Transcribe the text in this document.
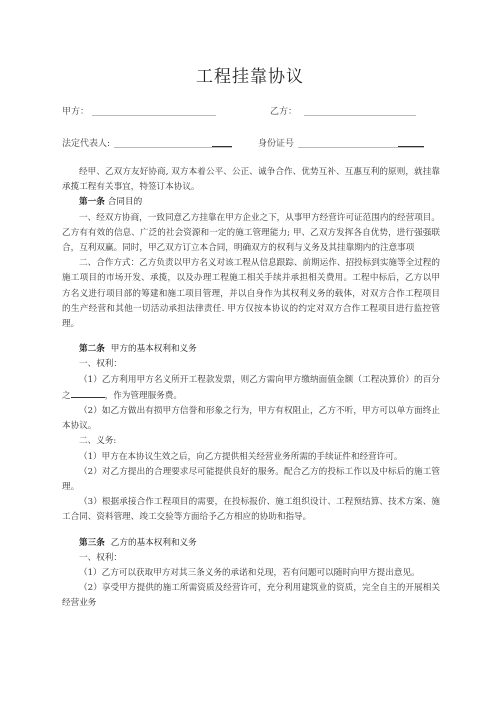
工程挂靠协议
甲方：	乙方：
法定代表人:	身份证号

经甲、乙双方友好协商, 双方本着公平、公正、诚争合作、优势互补、互惠互利的原则，就挂靠承揽工程有关事宜，特签订本协议。

第一条 合同目的

一、经双方协商，一致同意乙方挂靠在甲方企业之下，从事甲方经营许可证范围内的经营项目。乙方有有效的信息、广泛的社会资源和一定的施工管理能力; 甲、乙双方发挥各自优势，进行强强联合，互利双赢。同时，甲乙双方订立本合同，明确双方的权利与义务及其挂靠期内的注意事项

二、合作方式：乙方负责以甲方名义对该工程从信息跟踪、前期运作、招投标到实施等全过程的施工项目的市场开发、承揽，以及办理工程施工相关手续并承担相关费用。工程中标后，乙方以甲方名义进行项目部的筹建和施工项目管理，并以自身作为其权利义务的载体，对双方合作工程项目的生产经营和其他一切活动承担法律责任. 甲方仅按本协议的约定对双方合作工程项目进行监控管理。

第二条 甲方的基本权利和义务

一、权利：

（1）乙方利用甲方名义所开工程款发票，则乙方需向甲方缴纳面值金额（工程决算价）的百分之	，作为管理服务费。

（2）如乙方做出有损甲方信誉和形象之行为，甲方有权阻止，乙方不听，甲方可以单方面终止本协议。

二、义务:

（1）甲方在本协议生效之后，向乙方提供相关经营业务所需的手续证件和经营许可。

（2）对乙方提出的合理要求尽可能提供良好的服务。配合乙方的投标工作以及中标后的施工管理。

（3）根据承接合作工程项目的需要，在投标报价、施工组织设计、工程预结算、技术方案、施工合同、资料管理、竣工交验等方面给予乙方相应的协助和指导。

第三条 乙方的基本权利和义务

一、权利：

（1）乙方可以获取甲方对其三条义务的承诺和兑现，若有问题可以随时向甲方提出意见。

（2）享受甲方提供的施工所需资质及经营许可，充分利用建筑业的资质，完全自主的开展相关经营业务
